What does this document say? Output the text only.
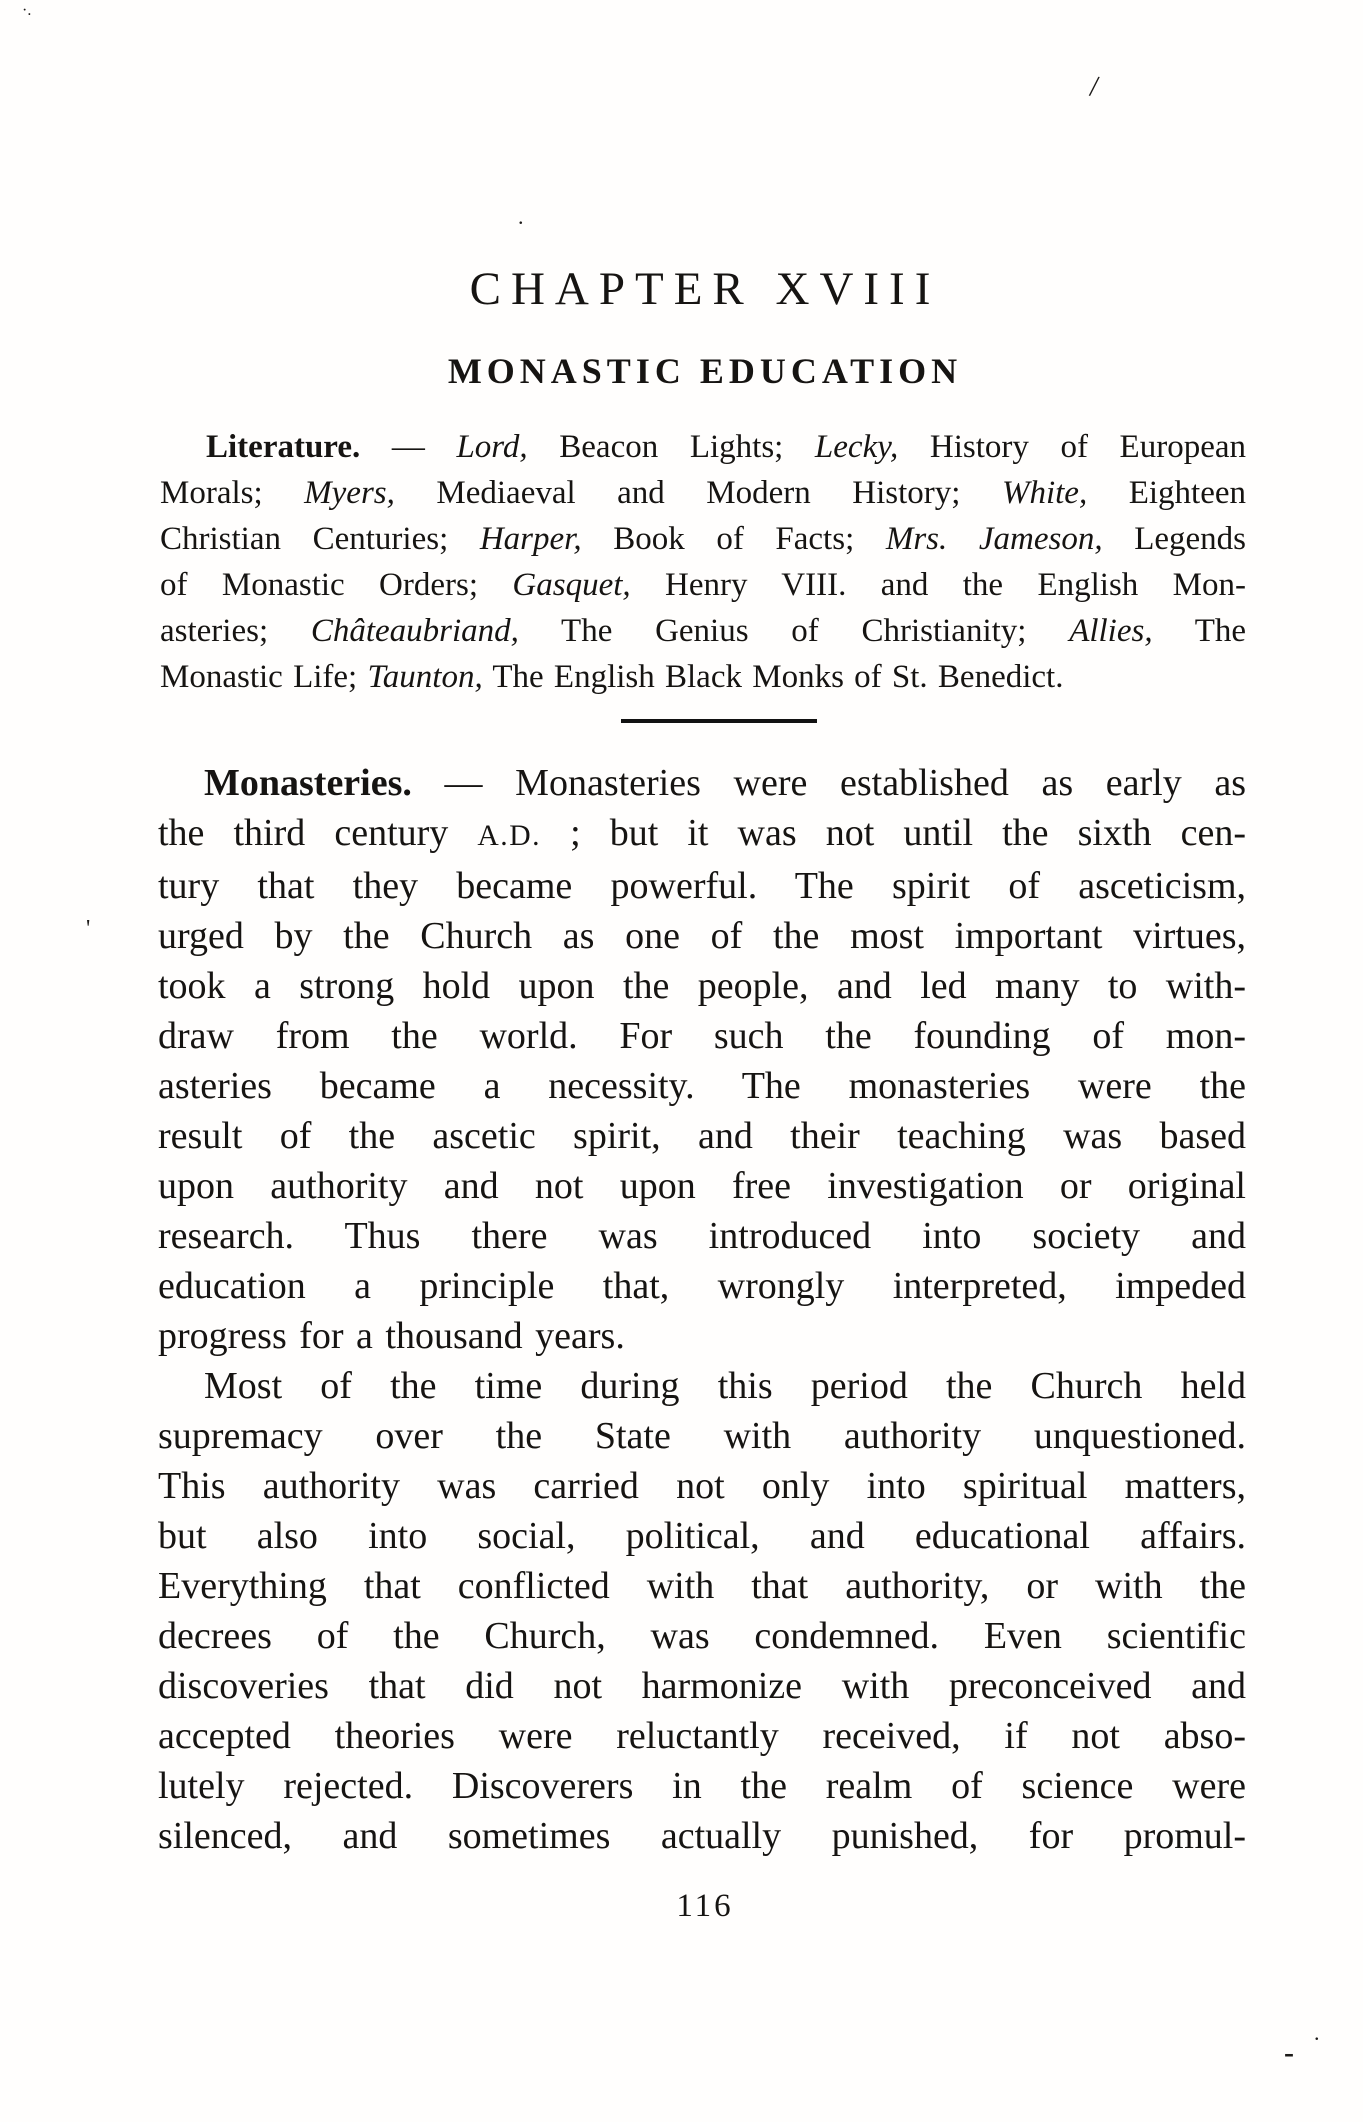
·.
/
.
'
.
-
CHAPTER XVIII
MONASTIC EDUCATION
Literature. — Lord, Beacon Lights; Lecky, History of European
Morals; Myers, Mediaeval and Modern History; White, Eighteen
Christian Centuries; Harper, Book of Facts; Mrs. Jameson, Legends
of Monastic Orders; Gasquet, Henry VIII. and the English Mon-
asteries; Châteaubriand, The Genius of Christianity; Allies, The
Monastic Life; Taunton, The English Black Monks of St. Benedict.
Monasteries. — Monasteries were established as early as
the third century A.D. ; but it was not until the sixth cen-
tury that they became powerful. The spirit of asceticism,
urged by the Church as one of the most important virtues,
took a strong hold upon the people, and led many to with-
draw from the world. For such the founding of mon-
asteries became a necessity. The monasteries were the
result of the ascetic spirit, and their teaching was based
upon authority and not upon free investigation or original
research. Thus there was introduced into society and
education a principle that, wrongly interpreted, impeded
progress for a thousand years.
Most of the time during this period the Church held
supremacy over the State with authority unquestioned.
This authority was carried not only into spiritual matters,
but also into social, political, and educational affairs.
Everything that conflicted with that authority, or with the
decrees of the Church, was condemned. Even scientific
discoveries that did not harmonize with preconceived and
accepted theories were reluctantly received, if not abso-
lutely rejected. Discoverers in the realm of science were
silenced, and sometimes actually punished, for promul-
116
